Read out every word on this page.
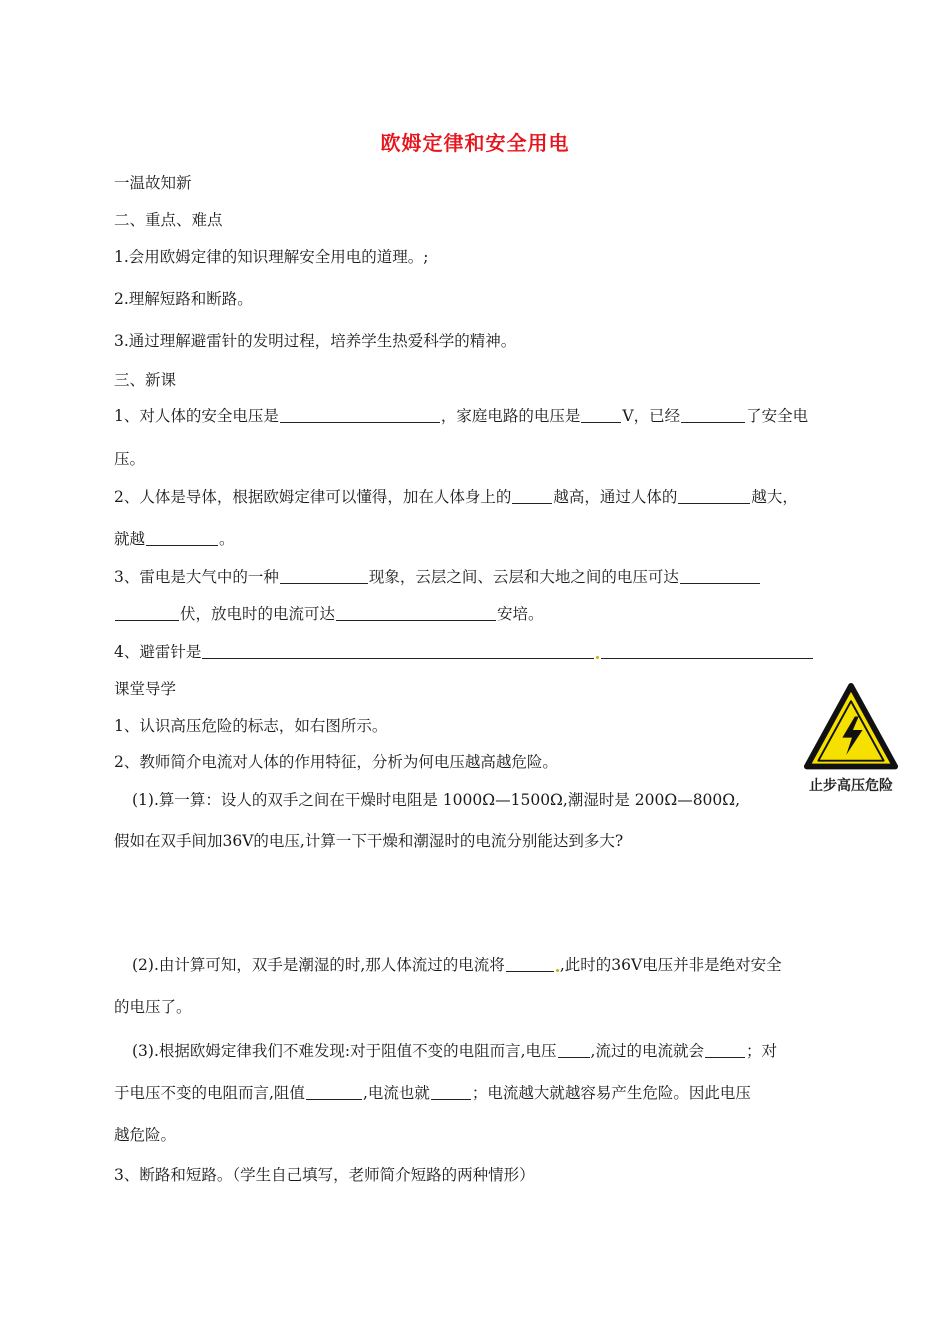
欧姆定律和安全用电
一温故知新
二、重点、难点
1.会用欧姆定律的知识理解安全用电的道理。;
2.理解短路和断路。
3.通过理解避雷针的发明过程，培养学生热爱科学的精神。
三、新课
1、对人体的安全电压是	，家庭电路的电压是	V，已经	了安全电
压。
2、人体是导体，根据欧姆定律可以懂得，加在人体身上的	越高，通过人体的	越大，
就越	。
3、雷电是大气中的一种	现象，云层之间、云层和大地之间的电压可达
伏，放电时的电流可达	安培。
4、避雷针是
课堂导学
1、认识高压危险的标志，如右图所示。
2、教师简介电流对人体的作用特征，分析为何电压越高越危险。
(1).算一算：设人的双手之间在干燥时电阻是 1000Ω—1500Ω,潮湿时是 200Ω—800Ω,
假如在双手间加36V的电压,计算一下干燥和潮湿时的电流分别能达到多大?
(2).由计算可知，双手是潮湿的时,那人体流过的电流将	,此时的36V电压并非是绝对安全
的电压了。
(3).根据欧姆定律我们不难发现:对于阻值不变的电阻而言,电压 ,流过的电流就会	；对
于电压不变的电阻而言,阻值	,电流也就	；电流越大就越容易产生危险。因此电压
越危险。
3、断路和短路。（学生自己填写，老师简介短路的两种情形）
止步高压危险
